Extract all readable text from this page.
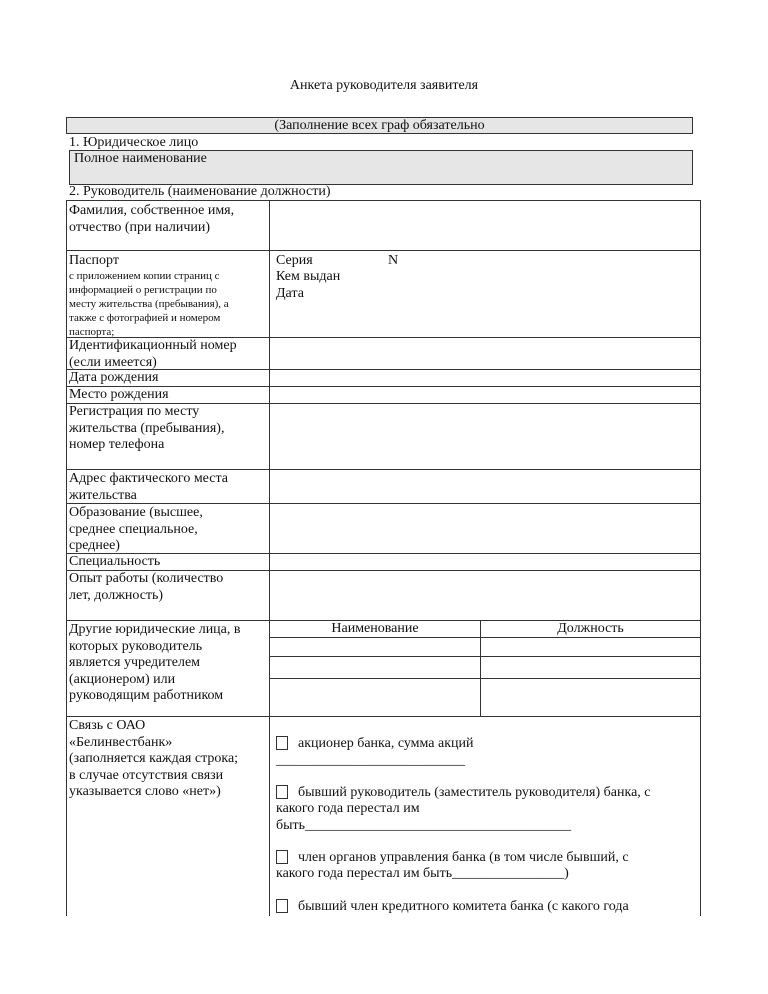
Анкета руководителя заявителя
(Заполнение всех граф обязательно
1. Юридическое лицо
Полное наименование
2. Руководитель (наименование должности)
Фамилия, собственное имя,
отчество (при наличии)
Паспорт
с приложением копии страниц с
информацией о регистрации по
месту жительства (пребывания), а
также с фотографией и номером
паспорта;
Серия	N
Кем выдан
Дата
Идентификационный номер
(если имеется)
Дата рождения
Место рождения
Регистрация по месту
жительства (пребывания),
номер телефона
Адрес фактического места
жительства
Образование (высшее,
среднее специальное,
среднее)
Специальность
Опыт работы (количество
лет, должность)
Другие юридические лица, в
которых руководитель
является учредителем
(акционером) или
руководящим работником
Наименование	Должность
Связь с ОАО
«Белинвестбанк»
(заполняется каждая строка;
в случае отсутствия связи
указывается слово «нет»)
акционер банка, сумма акций
___________________________
бывший руководитель (заместитель руководителя) банка, с
какого года перестал им
быть______________________________________
член органов управления банка (в том числе бывший, с
какого года перестал им быть________________)
бывший член кредитного комитета банка (с какого года
